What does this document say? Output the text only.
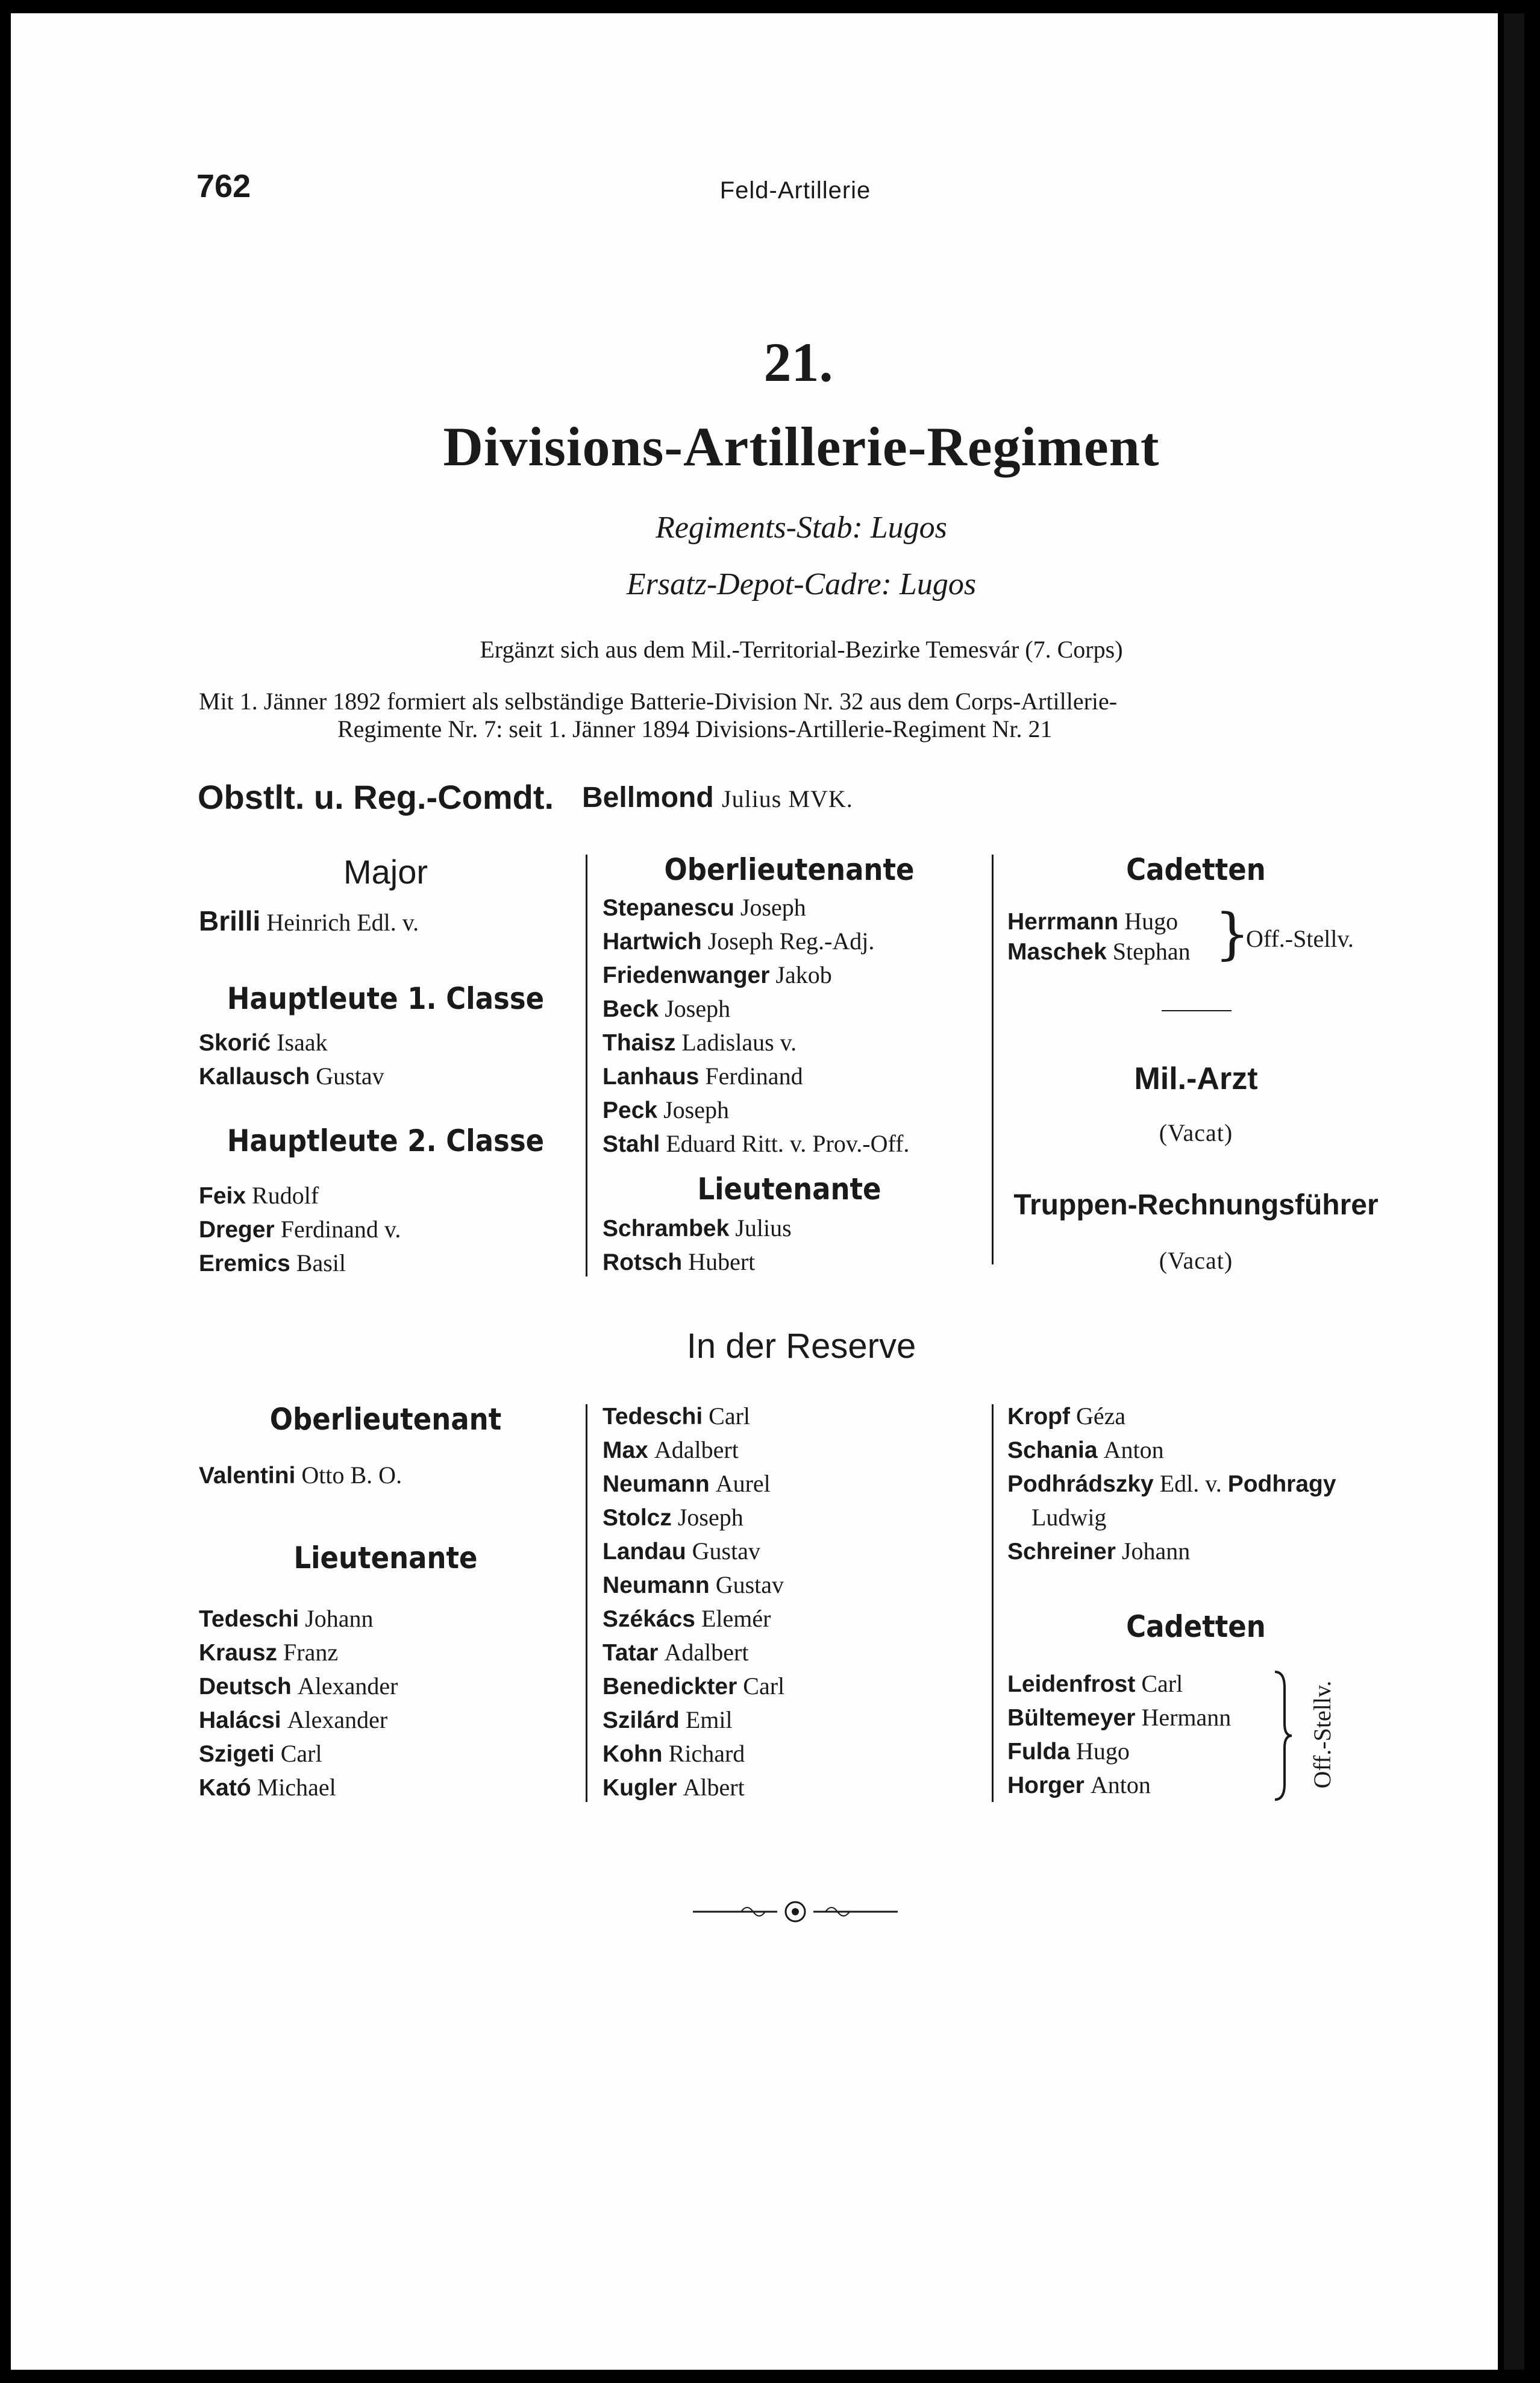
762	Feld-Artillerie
21.
Divisions-Artillerie-Regiment
Regiments-Stab: Lugos
Ersatz-Depot-Cadre: Lugos
Ergänzt sich aus dem Mil.-Territorial-Bezirke Temesvár (7. Corps)
Mit 1. Jänner 1892 formiert als selbständige Batterie-Division Nr. 32 aus dem Corps-Artillerie-
Regimente Nr. 7: seit 1. Jänner 1894 Divisions-Artillerie-Regiment Nr. 21
Obstlt. u. Reg.-Comdt. Bellmond Julius MVK.
Major
Brilli Heinrich Edl. v.
Hauptleute 1. Classe
Skorić Isaak
Kallausch Gustav
Hauptleute 2. Classe
Feix Rudolf
Dreger Ferdinand v.
Eremics Basil
Oberlieutenante
Stepanescu Joseph
Hartwich Joseph Reg.-Adj.
Friedenwanger Jakob
Beck Joseph
Thaisz Ladislaus v.
Lanhaus Ferdinand
Peck Joseph
Stahl Eduard Ritt. v. Prov.-Off.
Lieutenante
Schrambek Julius
Rotsch Hubert
Cadetten
Herrmann Hugo
Maschek Stephan }
Off.-Stellv.
Mil.-Arzt
(Vacat)
Truppen-Rechnungsführer
(Vacat)
In der Reserve
Oberlieutenant
Valentini Otto B. O.
Lieutenante
Tedeschi Johann
Krausz Franz
Deutsch Alexander
Halácsi Alexander
Szigeti Carl
Kató Michael
Tedeschi Carl
Max Adalbert
Neumann Aurel
Stolcz Joseph
Landau Gustav
Neumann Gustav
Székács Elemér
Tatar Adalbert
Benedickter Carl
Szilárd Emil
Kohn Richard
Kugler Albert
Kropf Géza
Schania Anton
Podhrádszky Edl. v. Podhragy
Ludwig
Schreiner Johann
Cadetten
Leidenfrost Carl
Bültemeyer Hermann
Fulda Hugo
Horger Anton	Off.-Stellv.
